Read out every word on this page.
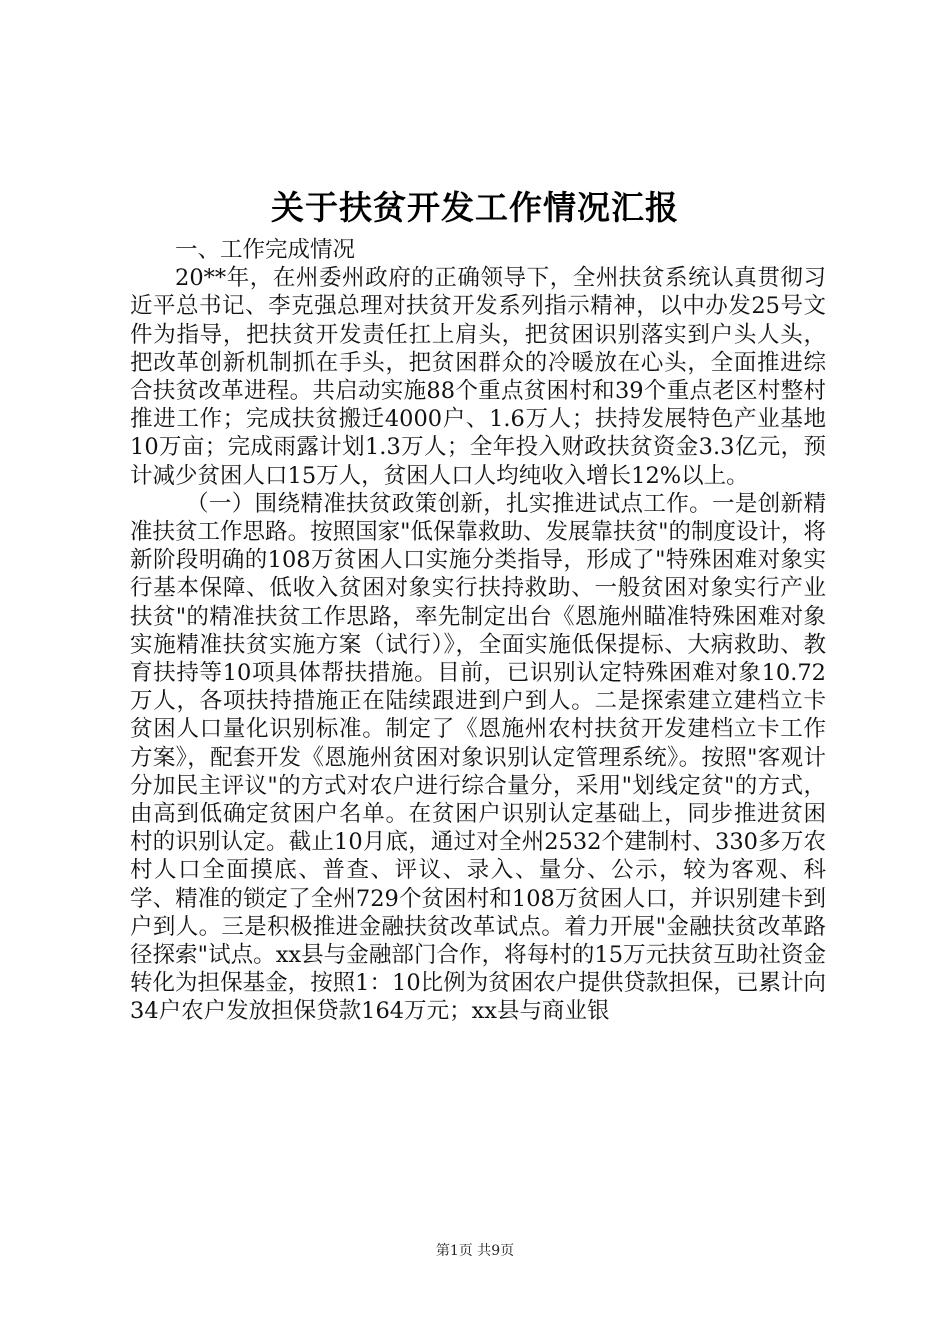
关于扶贫开发工作情况汇报

一、工作完成情况

20**年，在州委州政府的正确领导下，全州扶贫系统认真贯彻习近平总书记、李克强总理对扶贫开发系列指示精神，以中办发25号文件为指导，把扶贫开发责任扛上肩头，把贫困识别落实到户头人头，把改革创新机制抓在手头，把贫困群众的冷暖放在心头，全面推进综合扶贫改革进程。共启动实施88个重点贫困村和39个重点老区村整村推进工作；完成扶贫搬迁4000户、1.6万人；扶持发展特色产业基地10万亩；完成雨露计划1.3万人；全年投入财政扶贫资金3.3亿元，预计减少贫困人口15万人，贫困人口人均纯收入增长12%以上。

（一）围绕精准扶贫政策创新，扎实推进试点工作。一是创新精准扶贫工作思路。按照国家"低保靠救助、发展靠扶贫"的制度设计，将新阶段明确的108万贫困人口实施分类指导，形成了"特殊困难对象实行基本保障、低收入贫困对象实行扶持救助、一般贫困对象实行产业扶贫"的精准扶贫工作思路，率先制定出台《恩施州瞄准特殊困难对象实施精准扶贫实施方案（试行）》，全面实施低保提标、大病救助、教育扶持等10项具体帮扶措施。目前，已识别认定特殊困难对象10.72万人，各项扶持措施正在陆续跟进到户到人。二是探索建立建档立卡贫困人口量化识别标准。制定了《恩施州农村扶贫开发建档立卡工作方案》，配套开发《恩施州贫困对象识别认定管理系统》。按照"客观计分加民主评议"的方式对农户进行综合量分，采用"划线定贫"的方式，由高到低确定贫困户名单。在贫困户识别认定基础上，同步推进贫困村的识别认定。截止10月底，通过对全州2532个建制村、330多万农村人口全面摸底、普查、评议、录入、量分、公示，较为客观、科学、精准的锁定了全州729个贫困村和108万贫困人口，并识别建卡到户到人。三是积极推进金融扶贫改革试点。着力开展"金融扶贫改革路径探索"试点。xx县与金融部门合作，将每村的15万元扶贫互助社资金转化为担保基金，按照1：10比例为贫困农户提供贷款担保，已累计向34户农户发放担保贷款164万元；xx县与商业银

第1页 共9页
